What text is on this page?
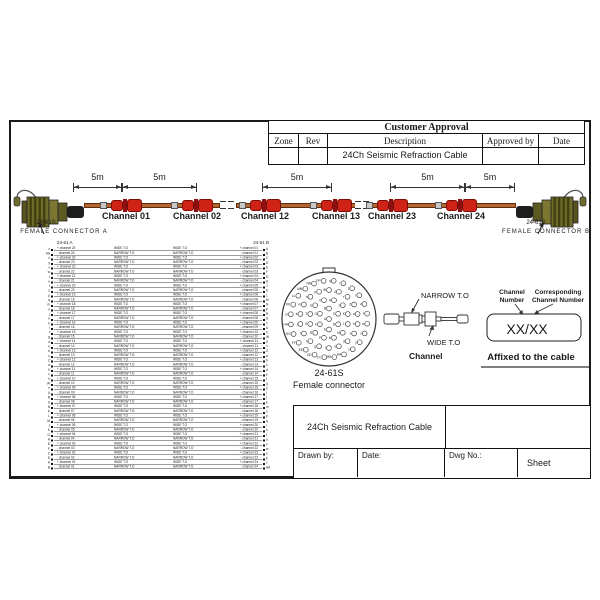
Customer Approval
Zone	Rev	Description	Approved by	Date
24Ch Seismic Refraction Cable
Channel 01	Channel 02	Channel 12	Channel 13 Channel 23	Channel 24
5m	5m	5m	5m	5m
24-61S
FEMALE CONNECTOR A
24-61S
FEMALE CONNECTOR B
24-61 A	24-61 B
z + channel 24	WIDE T.O	WIDE T.O	+ channel 01 A
AA - channel 24	NARROW T.O	NARROW T.O	- channel 01 B
x + channel 23	WIDE T.O	WIDE T.O	+ channel 02 C
y - channel 23	NARROW T.O	NARROW T.O	- channel 02 D
v + channel 22	WIDE T.O	WIDE T.O	+ channel 03 E
w - channel 22	NARROW T.O	NARROW T.O	- channel 03 F
t + channel 21	WIDE T.O	WIDE T.O	+ channel 04 G
u - channel 21	NARROW T.O	NARROW T.O	- channel 04 H
r + channel 20	WIDE T.O	WIDE T.O	+ channel 05 J
s - channel 20	NARROW T.O	NARROW T.O	- channel 05 K
p + channel 19	WIDE T.O	WIDE T.O	+ channel 06 L
q - channel 19	NARROW T.O	NARROW T.O	- channel 06 M
m + channel 18	WIDE T.O	WIDE T.O	+ channel 07 N
n - channel 18	NARROW T.O	NARROW T.O	- channel 07 P
j + channel 17	WIDE T.O	WIDE T.O	+ channel 08 R
k - channel 17	NARROW T.O	NARROW T.O	- channel 08 S
h + channel 16	WIDE T.O	WIDE T.O	+ channel 09 T
i - channel 16	NARROW T.O	NARROW T.O	- channel 09 U
f + channel 15	WIDE T.O	WIDE T.O	+ channel 10 V
g - channel 15	NARROW T.O	NARROW T.O	- channel 10 W
d + channel 14	WIDE T.O	WIDE T.O	+ channel 11 X
e - channel 14	NARROW T.O	NARROW T.O	- channel 11 Y
b + channel 13	WIDE T.O	WIDE T.O	+ channel 12 Z
c - channel 13	NARROW T.O	NARROW T.O	- channel 12 a
Z + channel 12	WIDE T.O	WIDE T.O	+ channel 13 b
a - channel 12	NARROW T.O	NARROW T.O	- channel 13 c
X + channel 11	WIDE T.O	WIDE T.O	+ channel 14 d
Y - channel 11	NARROW T.O	NARROW T.O	- channel 14 e
V + channel 10	WIDE T.O	WIDE T.O	+ channel 15 f
W - channel 10	NARROW T.O	NARROW T.O	- channel 15 g
T + channel 09	WIDE T.O	WIDE T.O	+ channel 16 h
U - channel 09	NARROW T.O	NARROW T.O	- channel 16 i
R + channel 08	WIDE T.O	WIDE T.O	+ channel 17 j
S - channel 08	NARROW T.O	NARROW T.O	- channel 17 k
N + channel 07	WIDE T.O	WIDE T.O	+ channel 18 m
P - channel 07	NARROW T.O	NARROW T.O	- channel 18 n
L + channel 06	WIDE T.O	WIDE T.O	+ channel 19 p
M - channel 06	NARROW T.O	NARROW T.O	- channel 19 q
J + channel 05	WIDE T.O	WIDE T.O	+ channel 20 r
K - channel 05	NARROW T.O	NARROW T.O	- channel 20 s
G + channel 04	WIDE T.O	WIDE T.O	+ channel 21 t
H - channel 04	NARROW T.O	NARROW T.O	- channel 21 u
E + channel 03	WIDE T.O	WIDE T.O	+ channel 22 v
F - channel 03	NARROW T.O	NARROW T.O	- channel 22 w
C + channel 02	WIDE T.O	WIDE T.O	+ channel 23 x
D - channel 02	NARROW T.O	NARROW T.O	- channel 23 y
A + channel 01	WIDE T.O	WIDE T.O	+ channel 24 z
B - channel 01	NARROW T.O	NARROW T.O	- channel 24 AA
A
B
C
D
E
F
G
H
J
K
L
M
N
P
R
S
T
U
V
W X
Y
Z
a
b
c
d
e
f
g
h
i
j
k
m
n
p
q
r
s
t
u
v
w
x
y
z
AA
BB
CC
DD
EE
FF
GG
HH
JJ
KK
LL
MM
NN
PP
24-61S
Female connector
NARROW T.O
WIDE T.O
Channel
Channel
Number
Corresponding
Channel Number
XX/XX
Affixed to the cable
24Ch Seismic Refraction Cable
Drawn by:	Date:	Dwg No.:
Sheet
